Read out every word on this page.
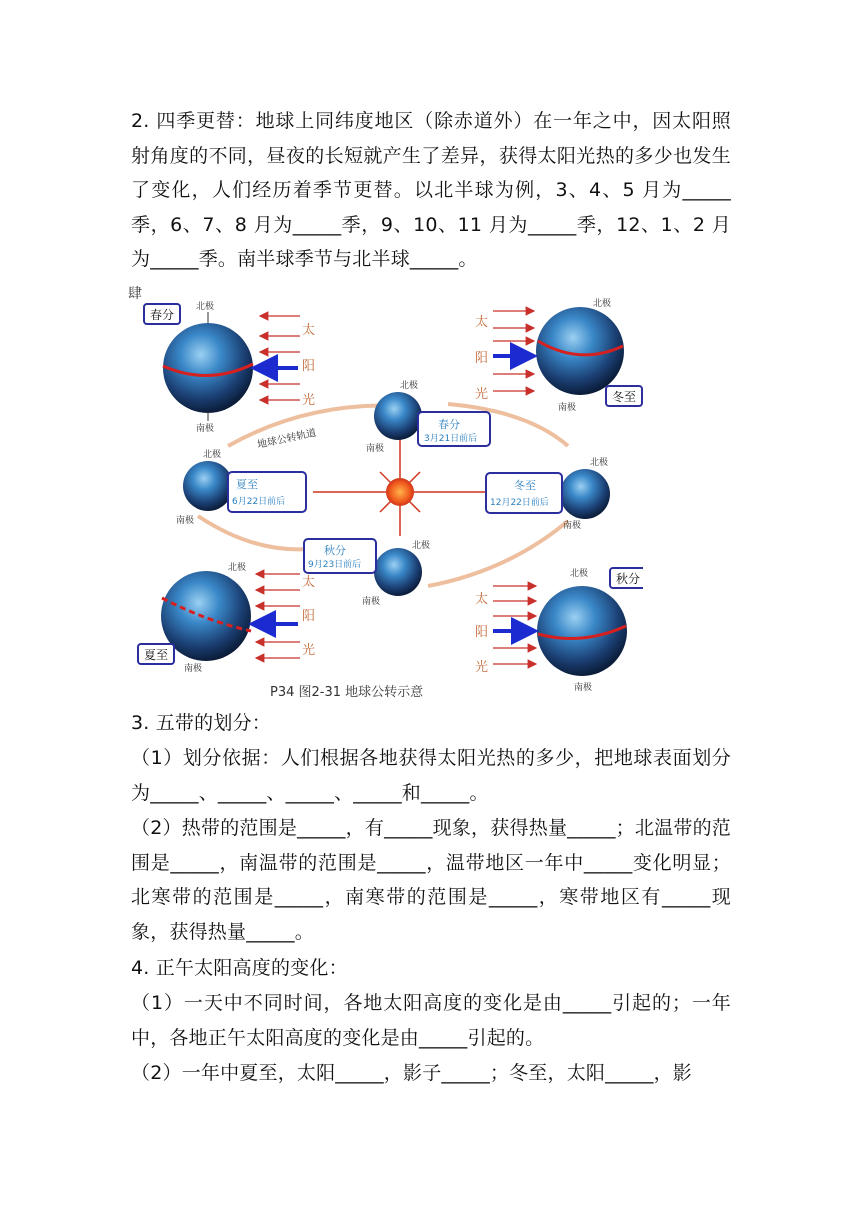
2. 四季更替：地球上同纬度地区（除赤道外）在一年之中，因太阳照射角度的不同，昼夜的长短就产生了差异，获得太阳光热的多少也发生了变化，人们经历着季节更替。以北半球为例，3、4、5 月为_____季，6、7、8 月为_____季，9、10、11 月为_____季，12、1、2 月为_____季。南半球季节与北半球_____。
肆
地球公转轨道
春分
北极
南极
太
阳
光
北极
太
阳
光
南极
冬至
北极
南极
春分
3月21日前后
北极
南极
夏至
6月22日前后
北极
南极
冬至
12月22日前后
北极
南极
秋分
9月23日前后
北极
太
阳
光
夏至
南极
秋分
北极
太
阳
光
南极
P34 图2-31 地球公转示意
3. 五带的划分：
（1）划分依据：人们根据各地获得太阳光热的多少，把地球表面划分为_____、_____、_____、_____和_____。
（2）热带的范围是_____，有_____现象，获得热量_____；北温带的范围是_____，南温带的范围是_____，温带地区一年中_____变化明显；北寒带的范围是_____，南寒带的范围是_____，寒带地区有_____现象，获得热量_____。
4. 正午太阳高度的变化：
（1）一天中不同时间，各地太阳高度的变化是由_____引起的；一年中，各地正午太阳高度的变化是由_____引起的。
（2）一年中夏至，太阳_____，影子_____；冬至，太阳_____，影
